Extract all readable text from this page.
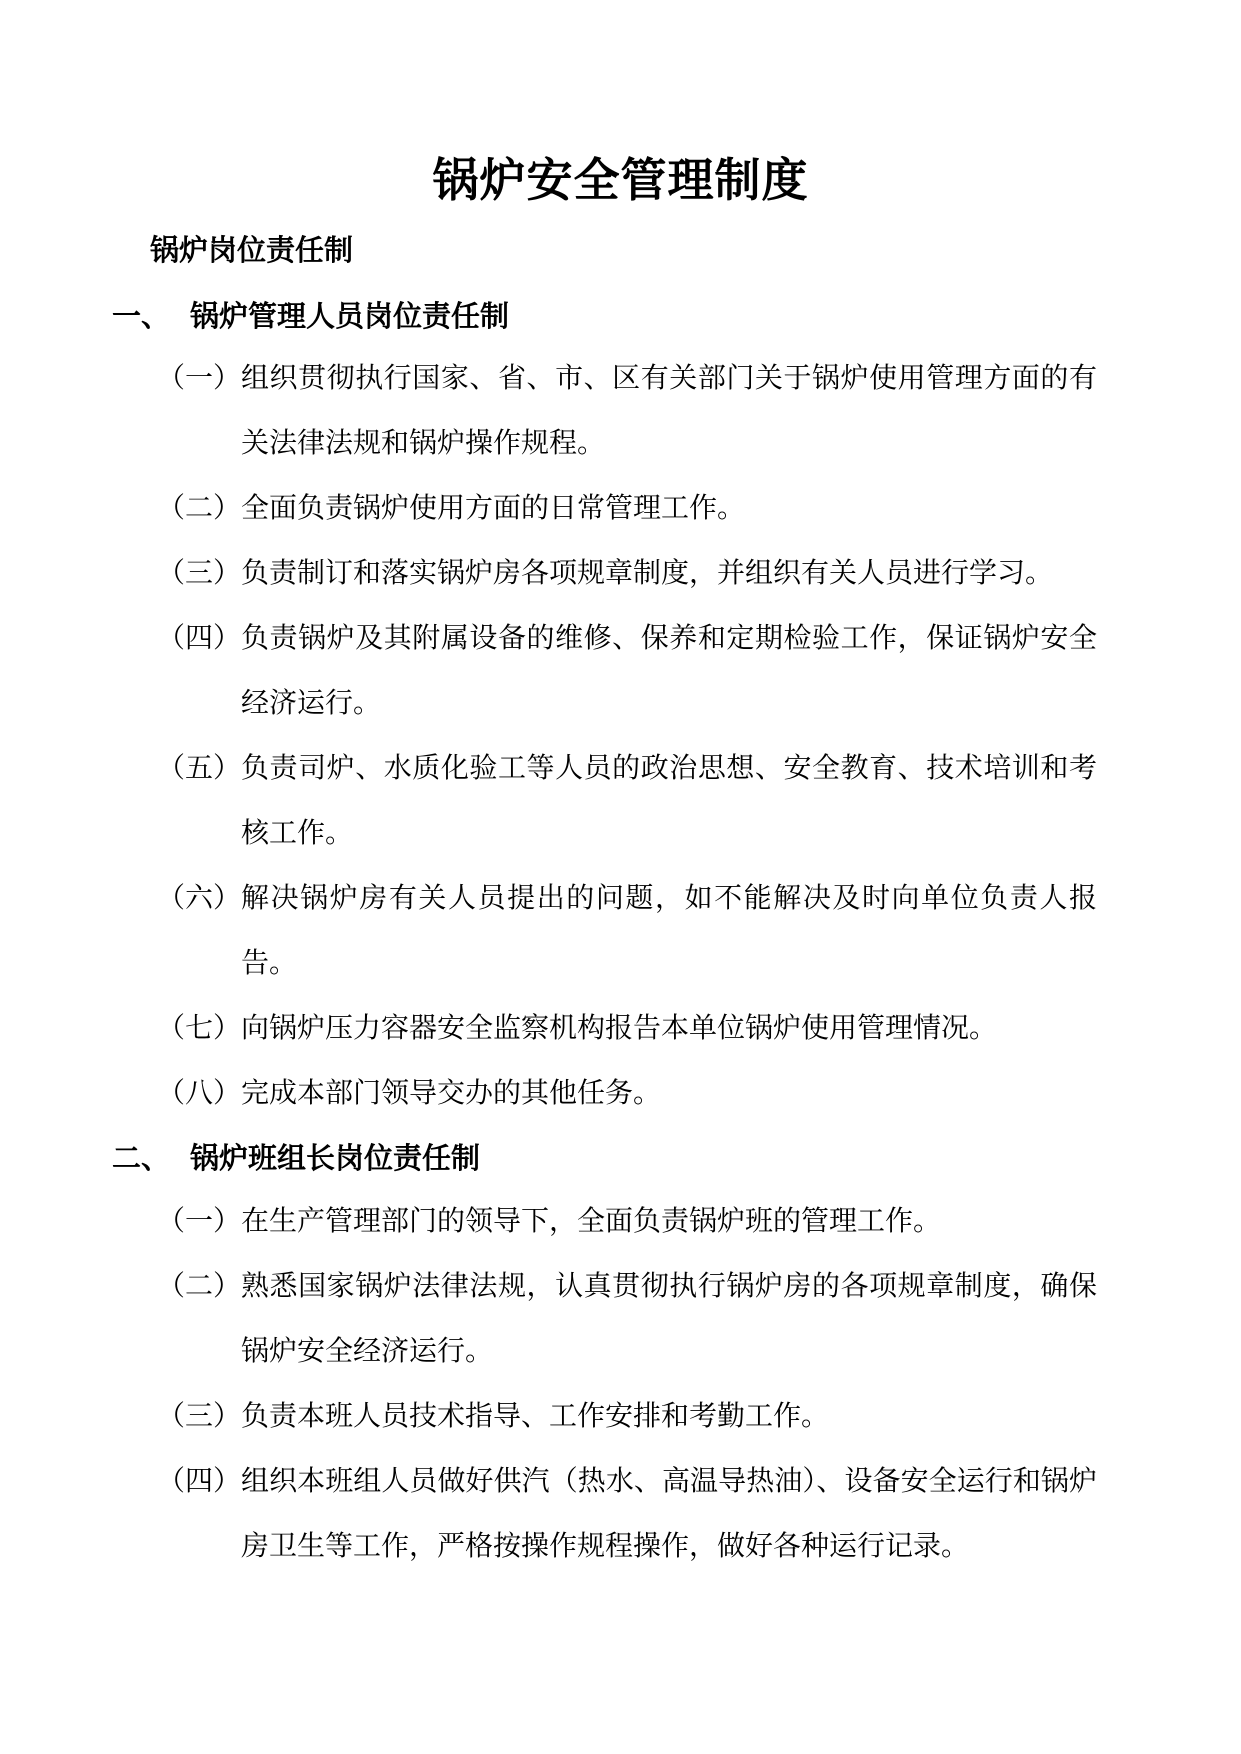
锅炉安全管理制度
锅炉岗位责任制
一、 锅炉管理人员岗位责任制
（一） 组织贯彻执行国家、省、市、区有关部门关于锅炉使用管理方面的有关法律法规和锅炉操作规程。
（二） 全面负责锅炉使用方面的日常管理工作。
（三） 负责制订和落实锅炉房各项规章制度，并组织有关人员进行学习。
（四） 负责锅炉及其附属设备的维修、保养和定期检验工作，保证锅炉安全经济运行。
（五） 负责司炉、水质化验工等人员的政治思想、安全教育、技术培训和考核工作。
（六） 解决锅炉房有关人员提出的问题，如不能解决及时向单位负责人报告。
（七） 向锅炉压力容器安全监察机构报告本单位锅炉使用管理情况。
（八） 完成本部门领导交办的其他任务。
二、 锅炉班组长岗位责任制
（一） 在生产管理部门的领导下，全面负责锅炉班的管理工作。
（二） 熟悉国家锅炉法律法规，认真贯彻执行锅炉房的各项规章制度，确保锅炉安全经济运行。
（三） 负责本班人员技术指导、工作安排和考勤工作。
（四） 组织本班组人员做好供汽（热水、高温导热油）、设备安全运行和锅炉房卫生等工作，严格按操作规程操作，做好各种运行记录。
